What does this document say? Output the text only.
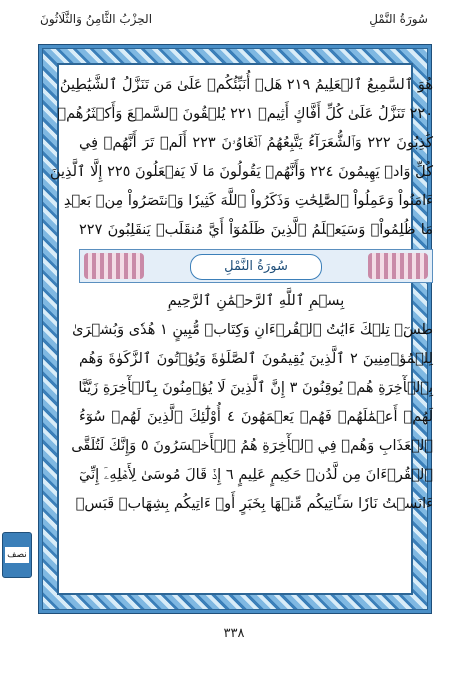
سُورَةُ النَّمْلِ
الحِزْبُ الثَّامِنُ وَالثَّلَاثُونَ
هُوَ ٱلسَّمِيعُ ٱلۡعَلِيمُ ٢١٩ هَلۡ أُنَبِّئُكُمۡ عَلَىٰ مَن تَنَزَّلُ ٱلشَّيَٰطِينُ
٢٢٠ تَنَزَّلُ عَلَىٰ كُلِّ أَفَّاكٍ أَثِيمٖ ٢٢١ يُلۡقُونَ ٱلسَّمۡعَ وَأَكۡثَرُهُمۡ
كَٰذِبُونَ ٢٢٢ وَٱلشُّعَرَآءُ يَتَّبِعُهُمُ ٱلۡغَاوُۥنَ ٢٢٣ أَلَمۡ تَرَ أَنَّهُمۡ فِي
كُلِّ وَادٖ يَهِيمُونَ ٢٢٤ وَأَنَّهُمۡ يَقُولُونَ مَا لَا يَفۡعَلُونَ ٢٢٥ إِلَّا ٱلَّذِينَ
ءَامَنُواْ وَعَمِلُواْ ٱلصَّٰلِحَٰتِ وَذَكَرُواْ ٱللَّهَ كَثِيرٗا وَٱنتَصَرُواْ مِنۢ بَعۡدِ
مَا ظُلِمُواْۗ وَسَيَعۡلَمُ ٱلَّذِينَ ظَلَمُوٓاْ أَيَّ مُنقَلَبٖ يَنقَلِبُونَ ٢٢٧
سُورَةُ النَّمْلِ
بِسۡمِ ٱللَّهِ ٱلرَّحۡمَٰنِ ٱلرَّحِيمِ
طسٓۚ تِلۡكَ ءَايَٰتُ ٱلۡقُرۡءَانِ وَكِتَابٖ مُّبِينٍ ١ هُدٗى وَبُشۡرَىٰ
لِلۡمُؤۡمِنِينَ ٢ ٱلَّذِينَ يُقِيمُونَ ٱلصَّلَوٰةَ وَيُؤۡتُونَ ٱلزَّكَوٰةَ وَهُم
بِٱلۡأٓخِرَةِ هُمۡ يُوقِنُونَ ٣ إِنَّ ٱلَّذِينَ لَا يُؤۡمِنُونَ بِٱلۡأٓخِرَةِ زَيَّنَّا
لَهُمۡ أَعۡمَٰلَهُمۡ فَهُمۡ يَعۡمَهُونَ ٤ أُوْلَٰٓئِكَ ٱلَّذِينَ لَهُمۡ سُوٓءُ
ٱلۡعَذَابِ وَهُمۡ فِي ٱلۡأٓخِرَةِ هُمُ ٱلۡأَخۡسَرُونَ ٥ وَإِنَّكَ لَتُلَقَّى
ٱلۡقُرۡءَانَ مِن لَّدُنۡ حَكِيمٍ عَلِيمٍ ٦ إِذۡ قَالَ مُوسَىٰ لِأَهۡلِهِۦٓ إِنِّيٓ
ءَانَسۡتُ نَارٗا سَـَٔاتِيكُم مِّنۡهَا بِخَبَرٍ أَوۡ ءَاتِيكُم بِشِهَابٖ قَبَسٖ
نصف
٣٣٨
